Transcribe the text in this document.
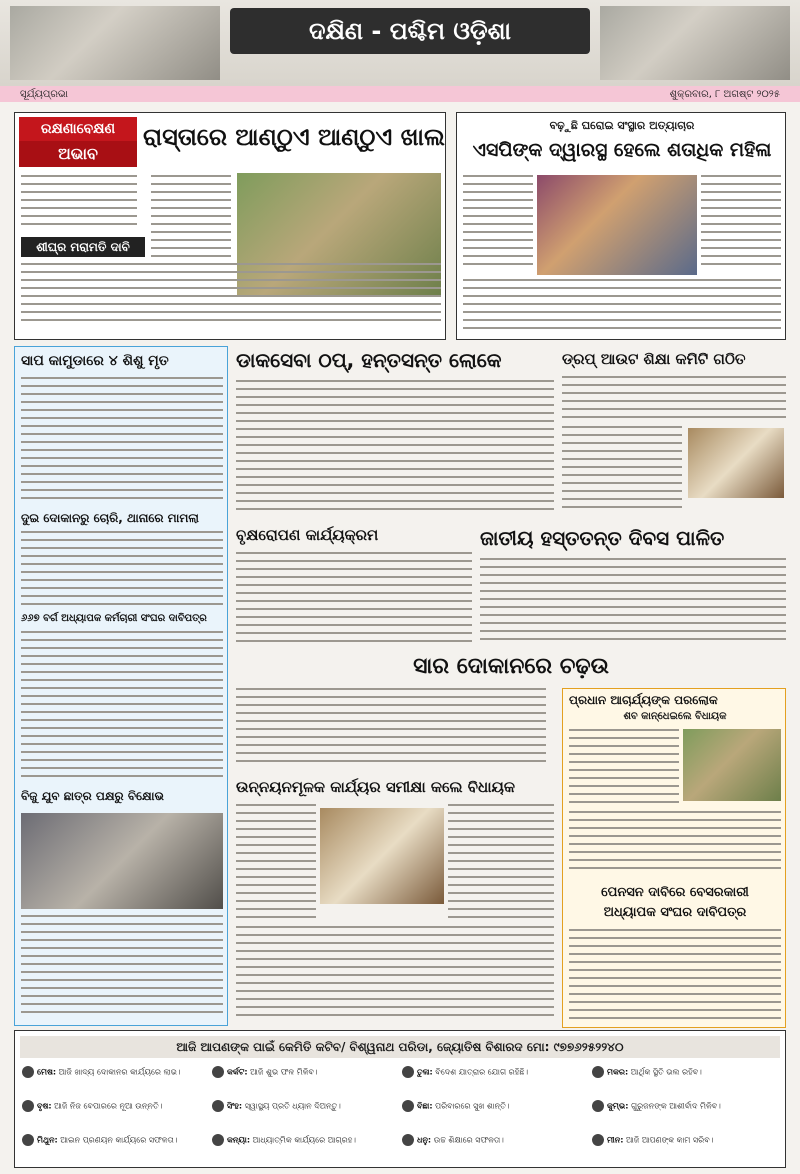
ଦକ୍ଷିଣ - ପଶ୍ଚିମ ଓଡ଼ିଶା
ସୂର୍ଯ୍ୟପ୍ରଭା	ଶୁକ୍ରବାର, ୮ ଅଗଷ୍ଟ ୨୦୨୫
ରକ୍ଷଣାବେକ୍ଷଣ
ଅଭାବ
ରାସ୍ତାରେ ଆଣ୍ଠୁଏ ଆଣ୍ଠୁଏ ଖାଲ
ଶୀଘ୍ର ମରାମତି ଦାବି
ବଢ଼ୁଛି ଘରୋଇ ସଂସ୍ଥାର ଅତ୍ୟାଚାର
ଏସପିଙ୍କ ଦ୍ୱାରସ୍ଥ ହେଲେ ଶତାଧିକ ମହିଳା
ସାପ କାମୁଡାରେ ୪ ଶିଶୁ ମୃତ
ଦୁଇ ଦୋକାନରୁ ଚୋରି, ଥାନାରେ ମାମଲା
୬୬୭ ବର୍ଗ ଅଧ୍ୟାପକ କର୍ମଚାରୀ ସଂଘର ଦାବିପତ୍ର
ବିଜୁ ଯୁବ ଛାତ୍ର ପକ୍ଷରୁ ବିକ୍ଷୋଭ
ଡାକସେବା ଠପ୍, ହନ୍ତସନ୍ତ ଲୋକେ	ଡ୍ରପ୍ ଆଉଟ ଶିକ୍ଷା କମିଟି ଗଠିତ
ବୃକ୍ଷରୋପଣ କାର୍ଯ୍ୟକ୍ରମ	ଜାତୀୟ ହସ୍ତତନ୍ତ ଦିବସ ପାଳିତ
ସାର ଦୋକାନରେ ଚଢ଼ଉ
ପ୍ରଧାନ ଆଚାର୍ଯ୍ୟଙ୍କ ପରଲୋକ
ଶବ କାନ୍ଧେଇଲେ ବିଧାୟକ
ପେନସନ ଦାବିରେ ବେସରକାରୀ
ଅଧ୍ୟାପକ ସଂଘର ଦାବିପତ୍ର
ଉନ୍ନୟନମୂଳକ କାର୍ଯ୍ୟର ସମୀକ୍ଷା କଲେ ବିଧାୟକ
ଆଜି ଆପଣଙ୍କ ପାଇଁ କେମିତି କଟିବ/ ବିଶ୍ୱନାଥ ପରିଡା, ଜ୍ୟୋତିଷ ବିଶାରଦ ମୋ: ୯୭୭୬୨୫୨୨୪୦
ମେଷ: ଆଜି ଖାଦ୍ୟ ଦୋକାନର କାର୍ଯ୍ୟରେ ଲାଭ।
ବୃଷ: ଆଜି ନିଜ ବେପାରରେ ନୂଆ ଉନ୍ନତି।
ମିଥୁନ: ଆଇନ ପ୍ରଣୟନ କାର୍ଯ୍ୟରେ ସଫଳତା।
କର୍କଟ: ଆଜି ଶୁଭ ଫଳ ମିଳିବ।
ସିଂହ: ସ୍ୱାସ୍ଥ୍ୟ ପ୍ରତି ଧ୍ୟାନ ଦିଅନ୍ତୁ।
କନ୍ୟା: ଆଧ୍ୟାତ୍ମିକ କାର୍ଯ୍ୟରେ ଆଗ୍ରହ।
ତୁଳା: ବିଦେଶ ଯାତ୍ରାର ଯୋଗ ରହିଛି।
ବିଛା: ପରିବାରରେ ସୁଖ ଶାନ୍ତି।
ଧନୁ: ଉଚ୍ଚ ଶିକ୍ଷାରେ ସଫଳତା।
ମକର: ଆର୍ଥିକ ସ୍ଥିତି ଭଲ ରହିବ।
କୁମ୍ଭ: ଗୁରୁଜନଙ୍କ ଆଶୀର୍ବାଦ ମିଳିବ।
ମୀନ: ଆଜି ଆପଣଙ୍କ କାମ ସରିବ।
